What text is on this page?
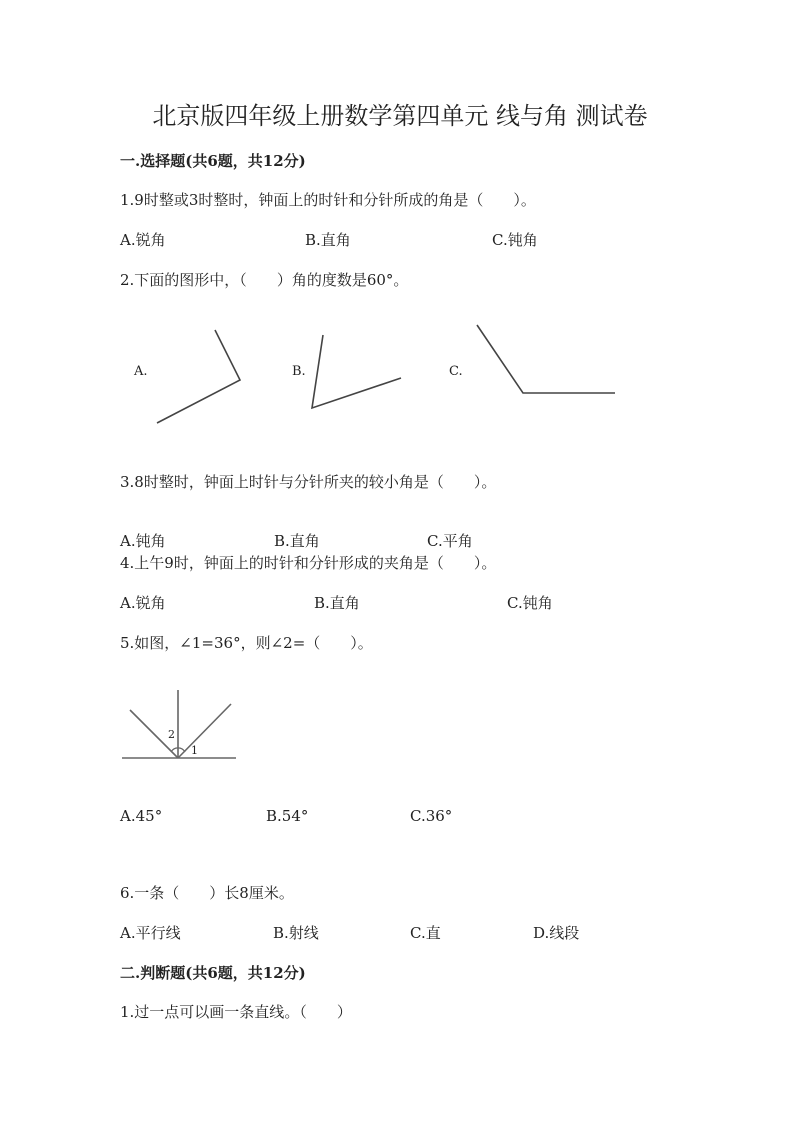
北京版四年级上册数学第四单元 线与角 测试卷
一.选择题(共6题，共12分)
1.9时整或3时整时，钟面上的时针和分针所成的角是（　　）。
A.锐角	B.直角	C.钝角
2.下面的图形中，（　　）角的度数是60°。
A.	B.	C.
3.8时整时，钟面上时针与分针所夹的较小角是（　　）。
A.钝角	B.直角	C.平角
4.上午9时，钟面上的时针和分针形成的夹角是（　　）。
A.锐角	B.直角	C.钝角
5.如图，∠1=36°，则∠2=（　　）。
2
1
A.45°	B.54°	C.36°
6.一条（　　）长8厘米。
A.平行线	B.射线	C.直	D.线段
二.判断题(共6题，共12分)
1.过一点可以画一条直线。（　　）
